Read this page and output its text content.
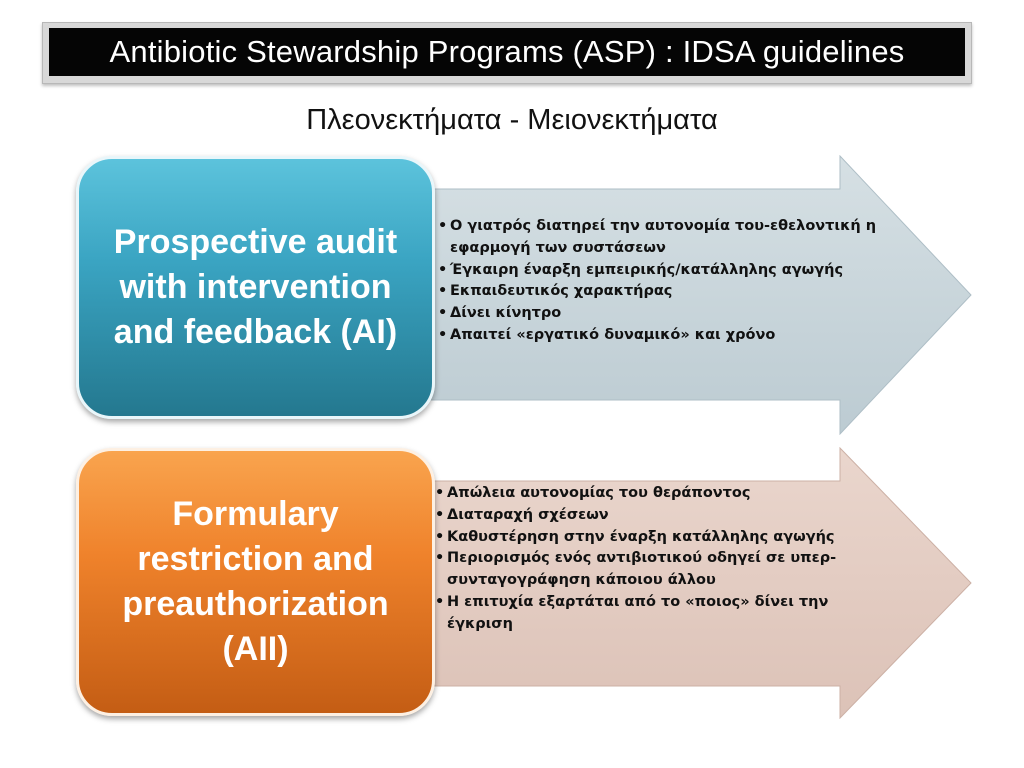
Antibiotic Stewardship Programs (ASP) : IDSA guidelines
Πλεονεκτήματα - Μειονεκτήματα
• Ο γιατρός διατηρεί την αυτονομία του-εθελοντική η εφαρμογή των συστάσεων
• Έγκαιρη έναρξη εμπειρικής/κατάλληλης αγωγής
• Εκπαιδευτικός χαρακτήρας
• Δίνει κίνητρο
• Απαιτεί «εργατικό δυναμικό» και χρόνο
Prospective audit
with intervention
and feedback (AI)
• Απώλεια αυτονομίας του θεράποντος
• Διαταραχή σχέσεων
• Καθυστέρηση στην έναρξη κατάλληλης αγωγής
• Περιορισμός ενός αντιβιοτικού οδηγεί σε υπερ-συνταγογράφηση κάποιου άλλου
• Η επιτυχία εξαρτάται από το «ποιος» δίνει την έγκριση
Formulary
restriction and
preauthorization
(AII)
